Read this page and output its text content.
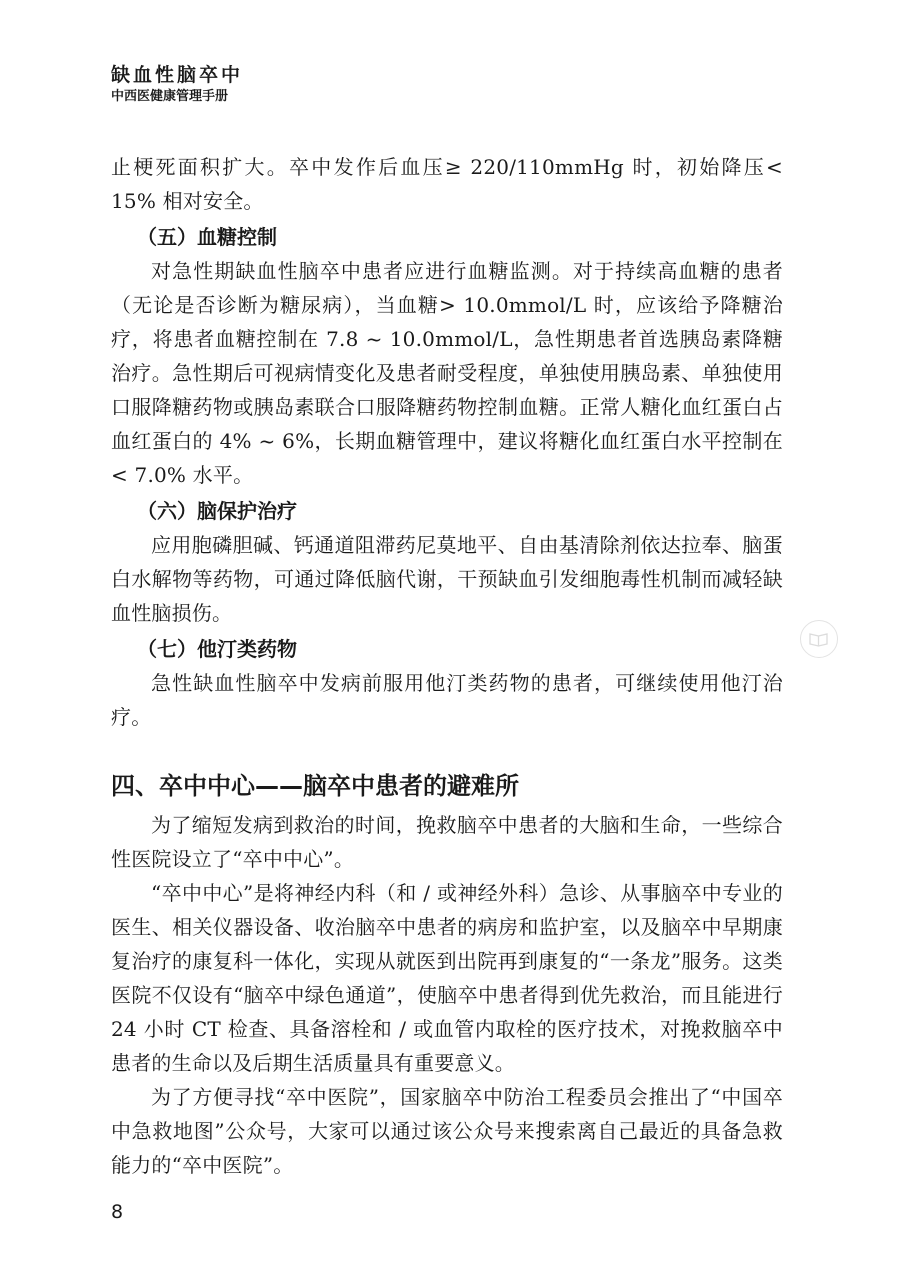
缺血性脑卒中
中西医健康管理手册

止梗死面积扩大。卒中发作后血压≥ 220/110mmHg 时，初始降压< 15% 相对安全。

（五）血糖控制

对急性期缺血性脑卒中患者应进行血糖监测。对于持续高血糖的患者（无论是否诊断为糖尿病），当血糖> 10.0mmol/L 时，应该给予降糖治疗，将患者血糖控制在 7.8 ~ 10.0mmol/L，急性期患者首选胰岛素降糖治疗。急性期后可视病情变化及患者耐受程度，单独使用胰岛素、单独使用口服降糖药物或胰岛素联合口服降糖药物控制血糖。正常人糖化血红蛋白占血红蛋白的 4% ~ 6%，长期血糖管理中，建议将糖化血红蛋白水平控制在< 7.0% 水平。

（六）脑保护治疗

应用胞磷胆碱、钙通道阻滞药尼莫地平、自由基清除剂依达拉奉、脑蛋白水解物等药物，可通过降低脑代谢，干预缺血引发细胞毒性机制而减轻缺血性脑损伤。

（七）他汀类药物

急性缺血性脑卒中发病前服用他汀类药物的患者，可继续使用他汀治疗。

四、卒中中心——脑卒中患者的避难所

为了缩短发病到救治的时间，挽救脑卒中患者的大脑和生命，一些综合性医院设立了“卒中中心”。

“卒中中心”是将神经内科（和 / 或神经外科）急诊、从事脑卒中专业的医生、相关仪器设备、收治脑卒中患者的病房和监护室，以及脑卒中早期康复治疗的康复科一体化，实现从就医到出院再到康复的“一条龙”服务。这类医院不仅设有“脑卒中绿色通道”，使脑卒中患者得到优先救治，而且能进行 24 小时 CT 检查、具备溶栓和 / 或血管内取栓的医疗技术，对挽救脑卒中患者的生命以及后期生活质量具有重要意义。

为了方便寻找“卒中医院”，国家脑卒中防治工程委员会推出了“中国卒中急救地图”公众号，大家可以通过该公众号来搜索离自己最近的具备急救能力的“卒中医院”。

8
